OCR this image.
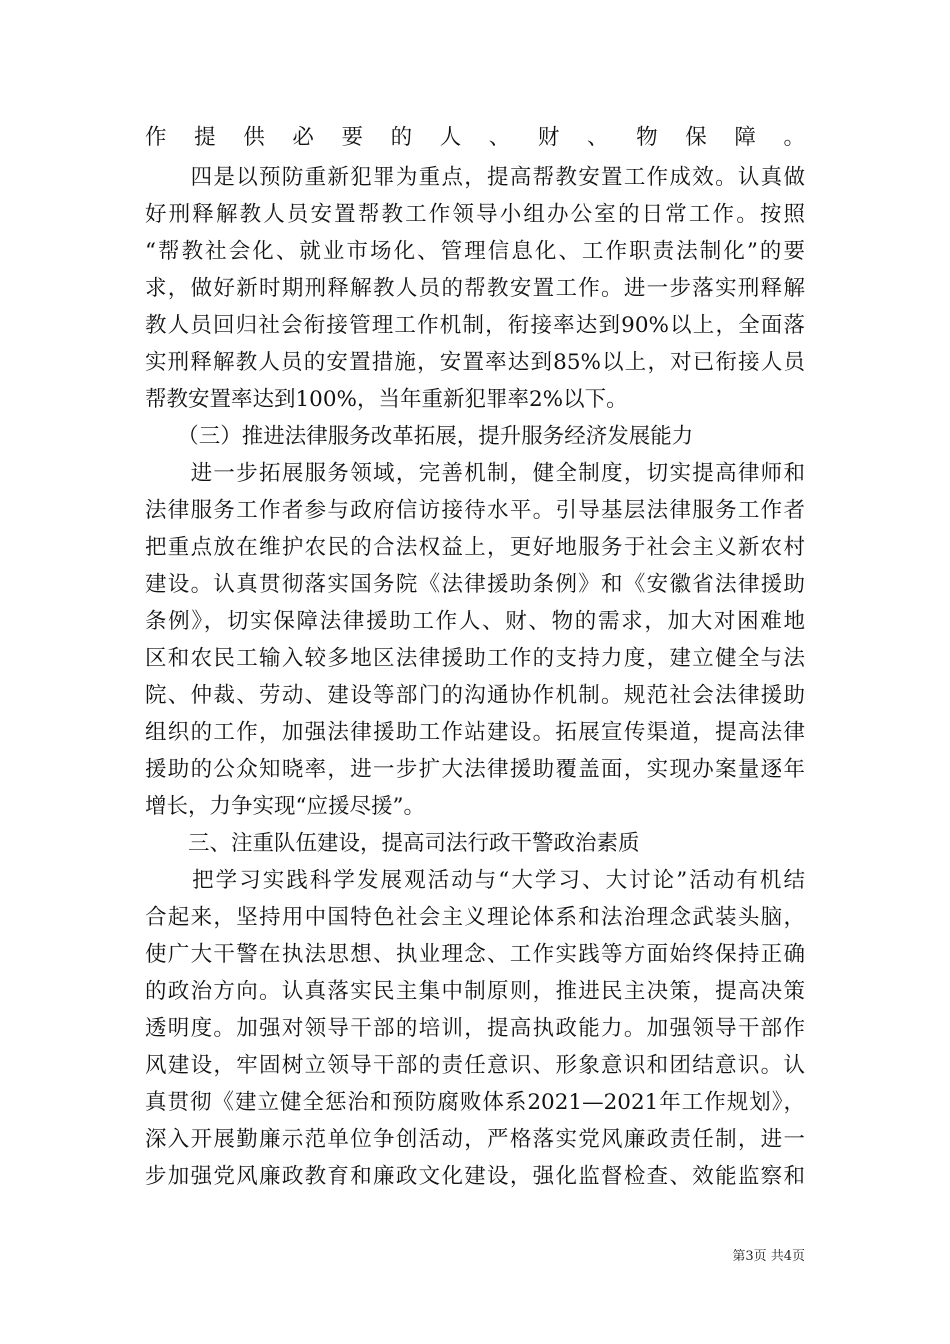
作提供必要的人、财、物保障。
　　四是以预防重新犯罪为重点，提高帮教安置工作成效。认真做
好刑释解教人员安置帮教工作领导小组办公室的日常工作。按照
“帮教社会化、就业市场化、管理信息化、工作职责法制化”的要
求，做好新时期刑释解教人员的帮教安置工作。进一步落实刑释解
教人员回归社会衔接管理工作机制，衔接率达到90%以上，全面落
实刑释解教人员的安置措施，安置率达到85%以上，对已衔接人员
帮教安置率达到100%，当年重新犯罪率2%以下。
　　（三）推进法律服务改革拓展，提升服务经济发展能力
　　进一步拓展服务领域，完善机制，健全制度，切实提高律师和
法律服务工作者参与政府信访接待水平。引导基层法律服务工作者
把重点放在维护农民的合法权益上，更好地服务于社会主义新农村
建设。认真贯彻落实国务院《法律援助条例》和《安徽省法律援助
条例》，切实保障法律援助工作人、财、物的需求，加大对困难地
区和农民工输入较多地区法律援助工作的支持力度，建立健全与法
院、仲裁、劳动、建设等部门的沟通协作机制。规范社会法律援助
组织的工作，加强法律援助工作站建设。拓展宣传渠道，提高法律
援助的公众知晓率，进一步扩大法律援助覆盖面，实现办案量逐年
增长，力争实现“应援尽援”。
　　三、注重队伍建设，提高司法行政干警政治素质
　　把学习实践科学发展观活动与“大学习、大讨论”活动有机结
合起来，坚持用中国特色社会主义理论体系和法治理念武装头脑，
使广大干警在执法思想、执业理念、工作实践等方面始终保持正确
的政治方向。认真落实民主集中制原则，推进民主决策，提高决策
透明度。加强对领导干部的培训，提高执政能力。加强领导干部作
风建设，牢固树立领导干部的责任意识、形象意识和团结意识。认
真贯彻《建立健全惩治和预防腐败体系2021—2021年工作规划》，
深入开展勤廉示范单位争创活动，严格落实党风廉政责任制，进一
步加强党风廉政教育和廉政文化建设，强化监督检查、效能监察和
第3页 共4页
